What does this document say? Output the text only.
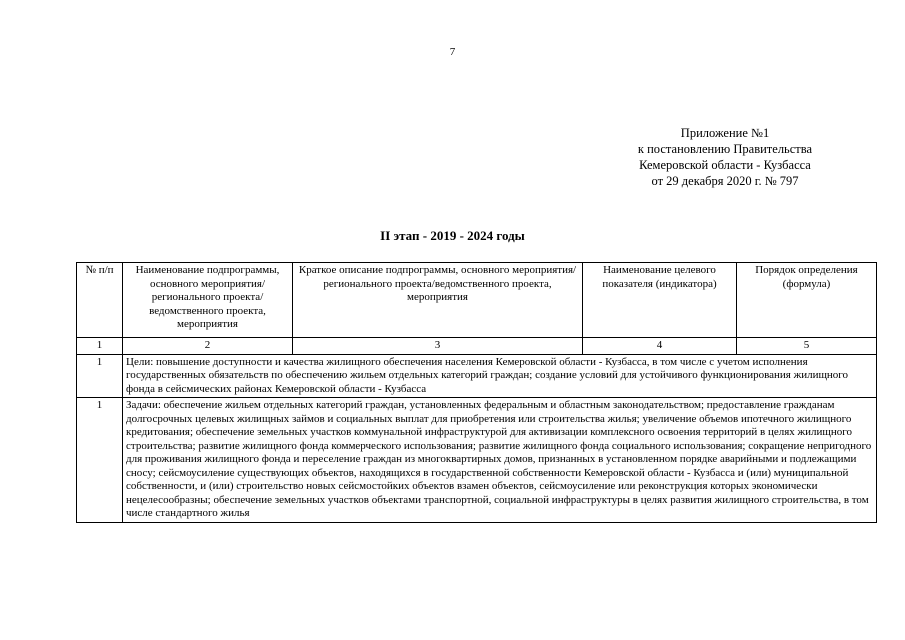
7
Приложение №1
к постановлению Правительства
Кемеровской области - Кузбасса
от 29 декабря 2020 г. № 797
II этап - 2019 - 2024 годы
№ п/п	Наименование подпрограммы, основного мероприятия/регионального проекта/ведомственного проекта, мероприятия	Краткое описание подпрограммы, основного мероприятия/регионального проекта/ведомственного проекта, мероприятия	Наименование целевого показателя (индикатора)	Порядок определения (формула)
1	2	3	4	5
1	Цели: повышение доступности и качества жилищного обеспечения населения Кемеровской области - Кузбасса, в том числе с учетом исполнения государственных обязательств по обеспечению жильем отдельных категорий граждан; создание условий для устойчивого функционирования жилищного фонда в сейсмических районах Кемеровской области - Кузбасса			
1	Задачи: обеспечение жильем отдельных категорий граждан, установленных федеральным и областным законодательством; предоставление гражданам долгосрочных целевых жилищных займов и социальных выплат для приобретения или строительства жилья; увеличение объемов ипотечного жилищного кредитования; обеспечение земельных участков коммунальной инфраструктурой для активизации комплексного освоения территорий в целях жилищного строительства; развитие жилищного фонда коммерческого использования; развитие жилищного фонда социального использования; сокращение непригодного для проживания жилищного фонда и переселение граждан из многоквартирных домов, признанных в установленном порядке аварийными и подлежащими сносу; сейсмоусиление существующих объектов, находящихся в государственной собственности Кемеровской области - Кузбасса и (или) муниципальной собственности, и (или) строительство новых сейсмостойких объектов взамен объектов, сейсмоусиление или реконструкция которых экономически нецелесообразны; обеспечение земельных участков объектами транспортной, социальной инфраструктуры в целях развития жилищного строительства, в том числе стандартного жилья			
